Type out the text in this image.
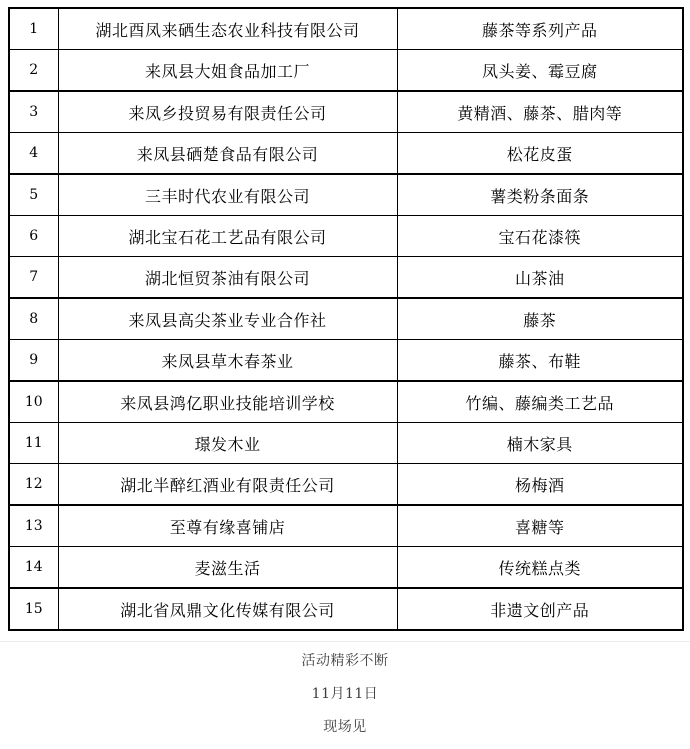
1	湖北酉凤来硒生态农业科技有限公司	藤茶等系列产品
2	来凤县大姐食品加工厂	凤头姜、霉豆腐
3	来凤乡投贸易有限责任公司	黄精酒、藤茶、腊肉等
4	来凤县硒楚食品有限公司	松花皮蛋
5	三丰时代农业有限公司	薯类粉条面条
6	湖北宝石花工艺品有限公司	宝石花漆筷
7	湖北恒贸茶油有限公司	山茶油
8	来凤县高尖茶业专业合作社	藤茶
9	来凤县草木春茶业	藤茶、布鞋
10	来凤县鸿亿职业技能培训学校	竹编、藤编类工艺品
11	璟发木业	楠木家具
12	湖北半醉红酒业有限责任公司	杨梅酒
13	至尊有缘喜铺店	喜糖等
14	麦滋生活	传统糕点类
15	湖北省凤鼎文化传媒有限公司	非遗文创产品
活动精彩不断
11月11日
现场见
